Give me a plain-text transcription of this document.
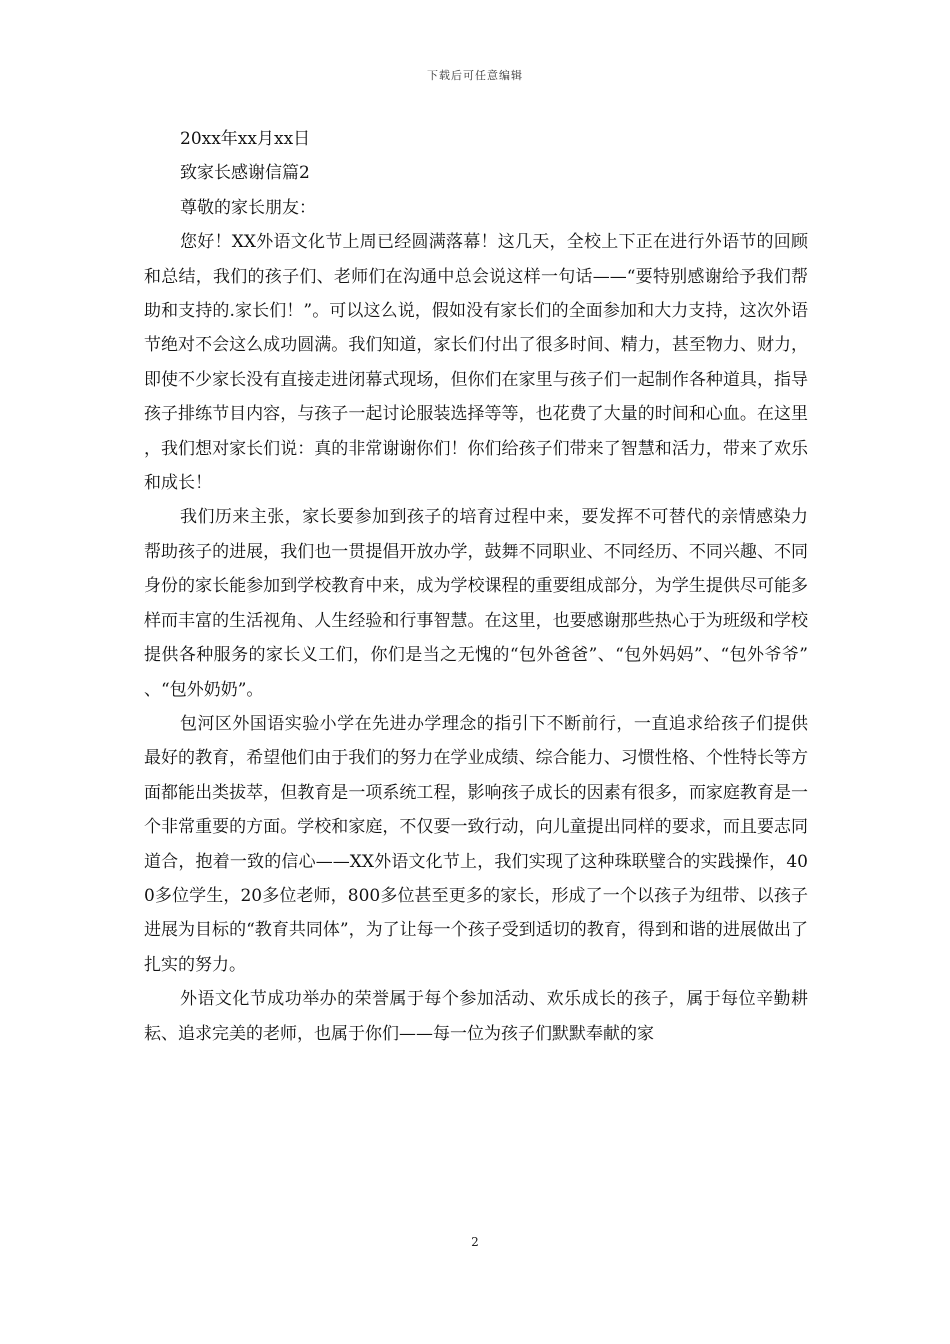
下载后可任意编辑

20xx年xx月xx日

致家长感谢信篇2

尊敬的家长朋友：

您好！XX外语文化节上周已经圆满落幕！这几天，全校上下正在进行外语节的回顾和总结，我们的孩子们、老师们在沟通中总会说这样一句话——“要特别感谢给予我们帮助和支持的.家长们！”。可以这么说，假如没有家长们的全面参加和大力支持，这次外语节绝对不会这么成功圆满。我们知道，家长们付出了很多时间、精力，甚至物力、财力，即使不少家长没有直接走进闭幕式现场，但你们在家里与孩子们一起制作各种道具，指导孩子排练节目内容，与孩子一起讨论服装选择等等，也花费了大量的时间和心血。在这里，我们想对家长们说：真的非常谢谢你们！你们给孩子们带来了智慧和活力，带来了欢乐和成长！

我们历来主张，家长要参加到孩子的培育过程中来，要发挥不可替代的亲情感染力帮助孩子的进展，我们也一贯提倡开放办学，鼓舞不同职业、不同经历、不同兴趣、不同身份的家长能参加到学校教育中来，成为学校课程的重要组成部分，为学生提供尽可能多样而丰富的生活视角、人生经验和行事智慧。在这里，也要感谢那些热心于为班级和学校提供各种服务的家长义工们，你们是当之无愧的“包外爸爸”、“包外妈妈”、“包外爷爷”、“包外奶奶”。

包河区外国语实验小学在先进办学理念的指引下不断前行，一直追求给孩子们提供最好的教育，希望他们由于我们的努力在学业成绩、综合能力、习惯性格、个性特长等方面都能出类拔萃，但教育是一项系统工程，影响孩子成长的因素有很多，而家庭教育是一个非常重要的方面。学校和家庭，不仅要一致行动，向儿童提出同样的要求，而且要志同道合，抱着一致的信心——XX外语文化节上，我们实现了这种珠联璧合的实践操作，400多位学生，20多位老师，800多位甚至更多的家长，形成了一个以孩子为纽带、以孩子进展为目标的“教育共同体”，为了让每一个孩子受到适切的教育，得到和谐的进展做出了扎实的努力。

外语文化节成功举办的荣誉属于每个参加活动、欢乐成长的孩子，属于每位辛勤耕耘、追求完美的老师，也属于你们——每一位为孩子们默默奉献的家

2
